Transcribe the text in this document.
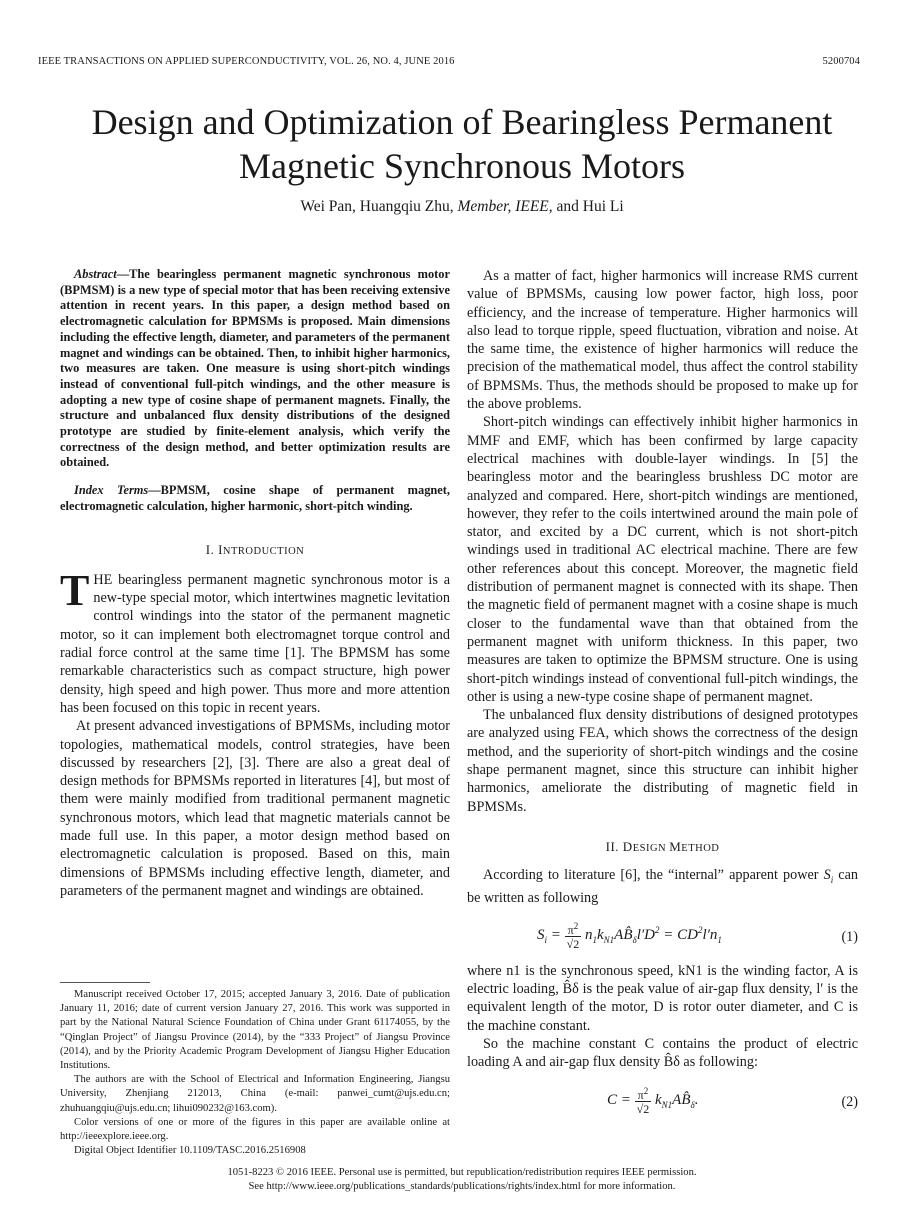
IEEE TRANSACTIONS ON APPLIED SUPERCONDUCTIVITY, VOL. 26, NO. 4, JUNE 2016	5200704
Design and Optimization of Bearingless Permanent
Magnetic Synchronous Motors
Wei Pan, Huangqiu Zhu, Member, IEEE, and Hui Li

Abstract—The bearingless permanent magnetic synchronous motor (BPMSM) is a new type of special motor that has been receiving extensive attention in recent years. In this paper, a design method based on electromagnetic calculation for BPMSMs is proposed. Main dimensions including the effective length, diameter, and parameters of the permanent magnet and windings can be obtained. Then, to inhibit higher harmonics, two measures are taken. One measure is using short-pitch windings instead of conventional full-pitch windings, and the other measure is adopting a new type of cosine shape of permanent magnets. Finally, the structure and unbalanced flux density distributions of the designed prototype are studied by finite-element analysis, which verify the correctness of the design method, and better optimization results are obtained.

Index Terms—BPMSM, cosine shape of permanent magnet, electromagnetic calculation, higher harmonic, short-pitch winding.

I. INTRODUCTION

THE bearingless permanent magnetic synchronous motor is a new-type special motor, which intertwines magnetic levitation control windings into the stator of the permanent magnetic motor, so it can implement both electromagnet torque control and radial force control at the same time [1]. The BPMSM has some remarkable characteristics such as compact structure, high power density, high speed and high power. Thus more and more attention has been focused on this topic in recent years.

At present advanced investigations of BPMSMs, including motor topologies, mathematical models, control strategies, have been discussed by researchers [2], [3]. There are also a great deal of design methods for BPMSMs reported in literatures [4], but most of them were mainly modified from traditional permanent magnetic synchronous motors, which lead that magnetic materials cannot be made full use. In this paper, a motor design method based on electromagnetic calculation is proposed. Based on this, main dimensions of BPMSMs including effective length, diameter, and parameters of the permanent magnet and windings are obtained.

Manuscript received October 17, 2015; accepted January 3, 2016. Date of publication January 11, 2016; date of current version January 27, 2016. This work was supported in part by the National Natural Science Foundation of China under Grant 61174055, by the “Qinglan Project” of Jiangsu Province (2014), by the “333 Project” of Jiangsu Province (2014), and by the Priority Academic Program Development of Jiangsu Higher Education Institutions.

The authors are with the School of Electrical and Information Engineering, Jiangsu University, Zhenjiang 212013, China (e-mail: panwei_cumt@ujs.edu.cn; zhuhuangqiu@ujs.edu.cn; lihui090232@163.com).

Color versions of one or more of the figures in this paper are available online at http://ieeexplore.ieee.org.

Digital Object Identifier 10.1109/TASC.2016.2516908

As a matter of fact, higher harmonics will increase RMS current value of BPMSMs, causing low power factor, high loss, poor efficiency, and the increase of temperature. Higher harmonics will also lead to torque ripple, speed fluctuation, vibration and noise. At the same time, the existence of higher harmonics will reduce the precision of the mathematical model, thus affect the control stability of BPMSMs. Thus, the methods should be proposed to make up for the above problems.

Short-pitch windings can effectively inhibit higher harmonics in MMF and EMF, which has been confirmed by large capacity electrical machines with double-layer windings. In [5] the bearingless motor and the bearingless brushless DC motor are analyzed and compared. Here, short-pitch windings are mentioned, however, they refer to the coils intertwined around the main pole of stator, and excited by a DC current, which is not short-pitch windings used in traditional AC electrical machine. There are few other references about this concept. Moreover, the magnetic field distribution of permanent magnet is connected with its shape. Then the magnetic field of permanent magnet with a cosine shape is much closer to the fundamental wave than that obtained from the permanent magnet with uniform thickness. In this paper, two measures are taken to optimize the BPMSM structure. One is using short-pitch windings instead of conventional full-pitch windings, the other is using a new-type cosine shape of permanent magnet.

The unbalanced flux density distributions of designed prototypes are analyzed using FEA, which shows the correctness of the design method, and the superiority of short-pitch windings and the cosine shape permanent magnet, since this structure can inhibit higher harmonics, ameliorate the distributing of magnetic field in BPMSMs.

II. DESIGN METHOD

According to literature [6], the “internal” apparent power $S_i$ can be written as following

$S_i = \frac{\pi^2}{√2}$ $n_1k_{N1}AB̂_\delta l'D^2 = CD^2l'n_1$	(1)

where n1 is the synchronous speed, kN1 is the winding factor, A is electric loading, B̂δ is the peak value of air-gap flux density, l′ is the equivalent length of the motor, D is rotor outer diameter, and C is the machine constant.

So the machine constant C contains the product of electric loading A and air-gap flux density B̂δ as following:

$C = \frac{\pi^2}{√2}$ $k_{N1}AB̂_\delta$.	(2)
1051-8223 © 2016 IEEE. Personal use is permitted, but republication/redistribution requires IEEE permission.
See http://www.ieee.org/publications_standards/publications/rights/index.html for more information.
